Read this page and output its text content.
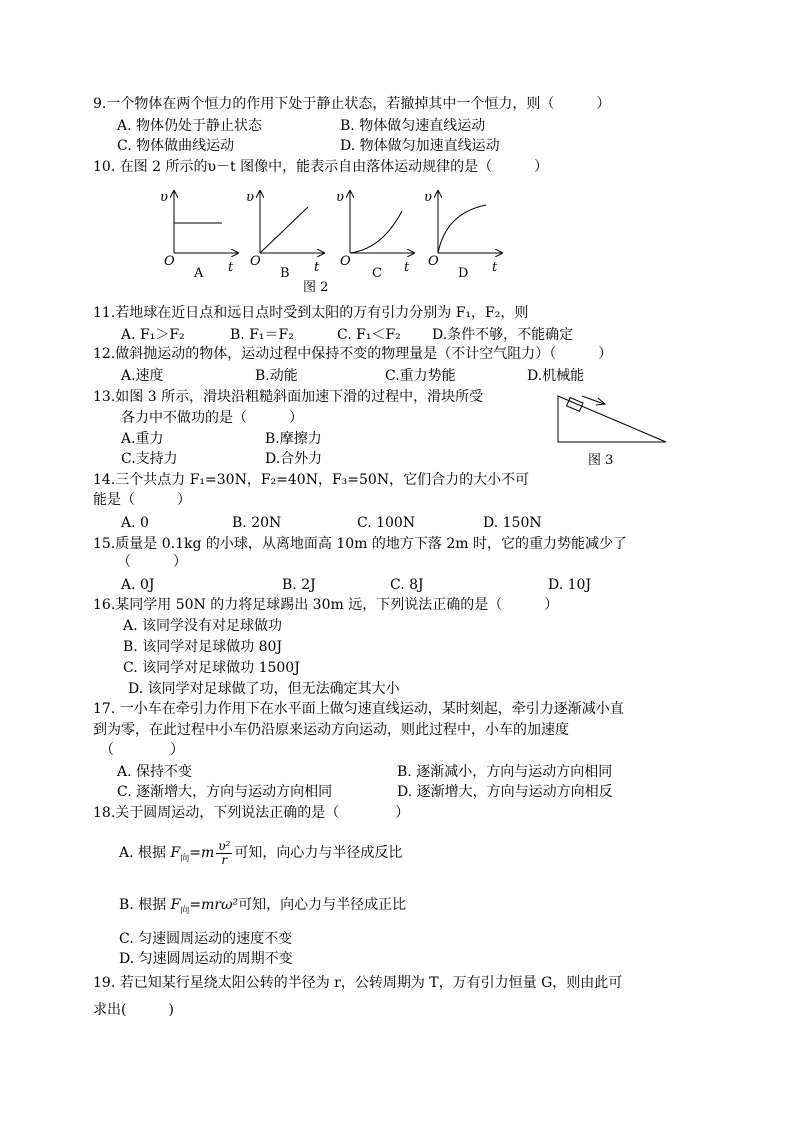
9.一个物体在两个恒力的作用下处于静止状态，若撤掉其中一个恒力，则（　　　）
A. 物体仍处于静止状态	B. 物体做匀速直线运动
C. 物体做曲线运动	D. 物体做匀加速直线运动
10. 在图 2 所示的υ－t 图像中，能表示自由落体运动规律的是（　　　）
υ
O	t
A
υ
O	t
B
υ
O	t
C
υ
O	t
D
图 2
11.若地球在近日点和远日点时受到太阳的万有引力分别为 F₁，F₂，则
A. F₁＞F₂	B. F₁＝F₂	C. F₁＜F₂ D.条件不够，不能确定
12.做斜抛运动的物体，运动过程中保持不变的物理量是（不计空气阻力）（　　　）
A.速度	B.动能	C.重力势能	D.机械能
13.如图 3 所示，滑块沿粗糙斜面加速下滑的过程中，滑块所受
各力中不做功的是（　　　）
A.重力	B.摩擦力
C.支持力	D.合外力	图 3
14.三个共点力 F₁=30N，F₂=40N，F₃=50N，它们合力的大小不可
能是（　　　）
A. 0	B. 20N	C. 100N	D. 150N
15.质量是 0.1kg 的小球，从离地面高 10m 的地方下落 2m 时，它的重力势能减少了
（　　　）
A. 0J	B. 2J	C. 8J	D. 10J
16.某同学用 50N 的力将足球踢出 30m 远，下列说法正确的是（　　　）
A. 该同学没有对足球做功
B. 该同学对足球做功 80J
C. 该同学对足球做功 1500J
D. 该同学对足球做了功，但无法确定其大小
17. 一小车在牵引力作用下在水平面上做匀速直线运动，某时刻起，牵引力逐渐减小直
到为零，在此过程中小车仍沿原来运动方向运动，则此过程中，小车的加速度
（　　　　）
A. 保持不变	B. 逐渐减小，方向与运动方向相同
C. 逐渐增大，方向与运动方向相同	D. 逐渐增大，方向与运动方向相反
18.关于圆周运动，下列说法正确的是（　　　　）
A. 根据 $F_向=m \frac{\text{υ²}}{r}$ 可知，向心力与半径成反比
B. 根据 $F_向=mr\omega^2$可知，向心力与半径成正比
C. 匀速圆周运动的速度不变
D. 匀速圆周运动的周期不变
19. 若已知某行星绕太阳公转的半径为 r，公转周期为 T，万有引力恒量 G，则由此可
求出(　　　)
